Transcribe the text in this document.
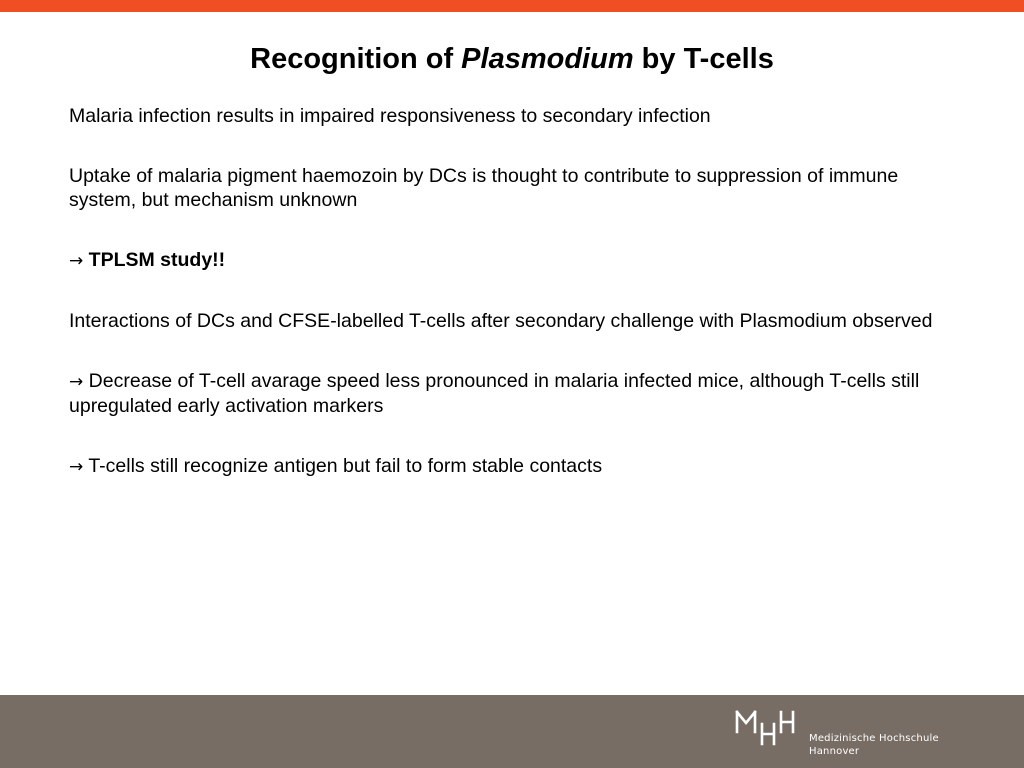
Recognition of Plasmodium by T-cells

Malaria infection results in impaired responsiveness to secondary infection

Uptake of malaria pigment haemozoin by DCs is thought to contribute to suppression of immune system, but mechanism unknown

→ TPLSM study!!

Interactions of DCs and CFSE-labelled T-cells after secondary challenge with Plasmodium observed

→ Decrease of T-cell avarage speed less pronounced in malaria infected mice, although T-cells still upregulated early activation markers

→ T-cells still recognize antigen but fail to form stable contacts

Medizinische Hochschule
Hannover
